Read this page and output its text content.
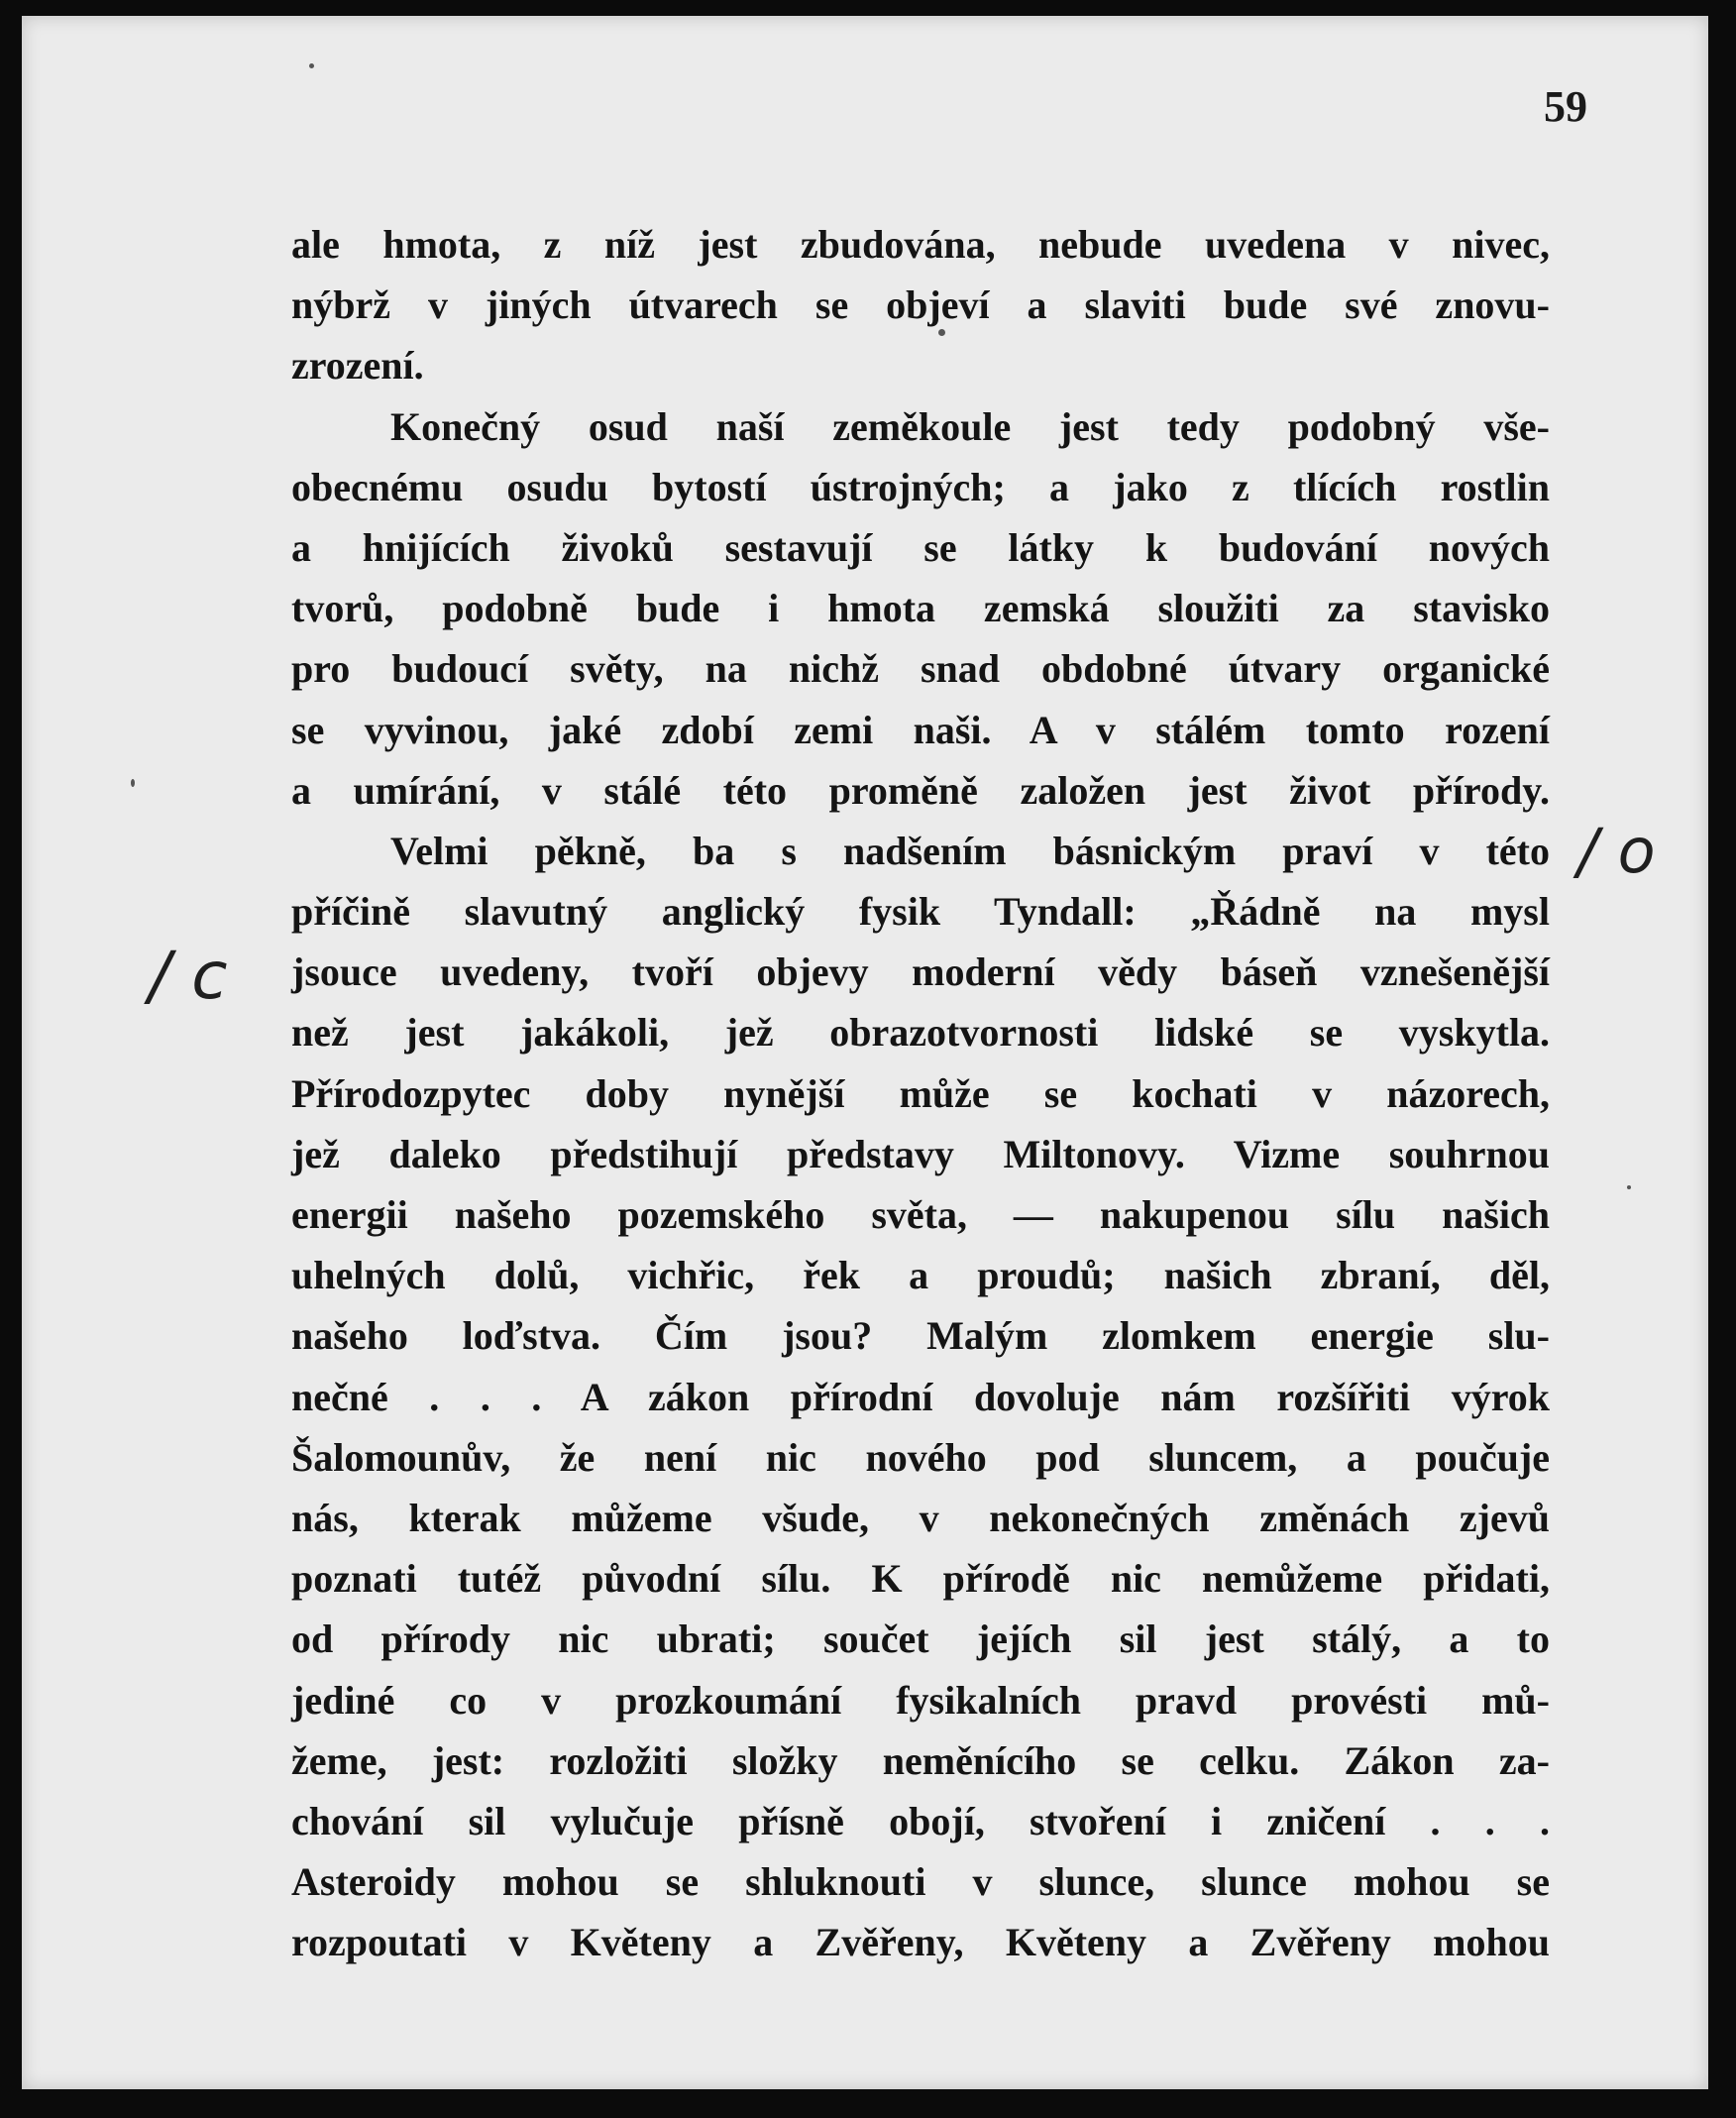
59
ale hmota, z níž jest zbudována, nebude uvedena v nivec,
nýbrž v jiných útvarech se objeví a slaviti bude své znovu-
zrození.
Konečný osud naší zeměkoule jest tedy podobný vše-
obecnému osudu bytostí ústrojných; a jako z tlících rostlin
a hnijících živoků sestavují se látky k budování nových
tvorů, podobně bude i hmota zemská sloužiti za stavisko
pro budoucí světy, na nichž snad obdobné útvary organické
se vyvinou, jaké zdobí zemi naši. A v stálém tomto rození
a umírání, v stálé této proměně založen jest život přírody.
Velmi pěkně, ba s nadšením básnickým praví v této
příčině slavutný anglický fysik Tyndall: „Řádně na mysl
jsouce uvedeny, tvoří objevy moderní vědy báseň vznešenější
než jest jakákoli, jež obrazotvornosti lidské se vyskytla.
Přírodozpytec doby nynější může se kochati v názorech,
jež daleko předstihují představy Miltonovy. Vizme souhrnou
energii našeho pozemského světa, — nakupenou sílu našich
uhelných dolů, vichřic, řek a proudů; našich zbraní, děl,
našeho loďstva. Čím jsou? Malým zlomkem energie slu-
nečné . . . A zákon přírodní dovoluje nám rozšířiti výrok
Šalomounův, že není nic nového pod sluncem, a poučuje
nás, kterak můžeme všude, v nekonečných změnách zjevů
poznati tutéž původní sílu. K přírodě nic nemůžeme přidati,
od přírody nic ubrati; součet jejích sil jest stálý, a to
jediné co v prozkoumání fysikalních pravd provésti mů-
žeme, jest: rozložiti složky neměnícího se celku. Zákon za-
chování sil vylučuje přísně obojí, stvoření i zničení . . .
Asteroidy mohou se shluknouti v slunce, slunce mohou se
rozpoutati v Květeny a Zvěřeny, Květeny a Zvěřeny mohou
/ o
/ c
